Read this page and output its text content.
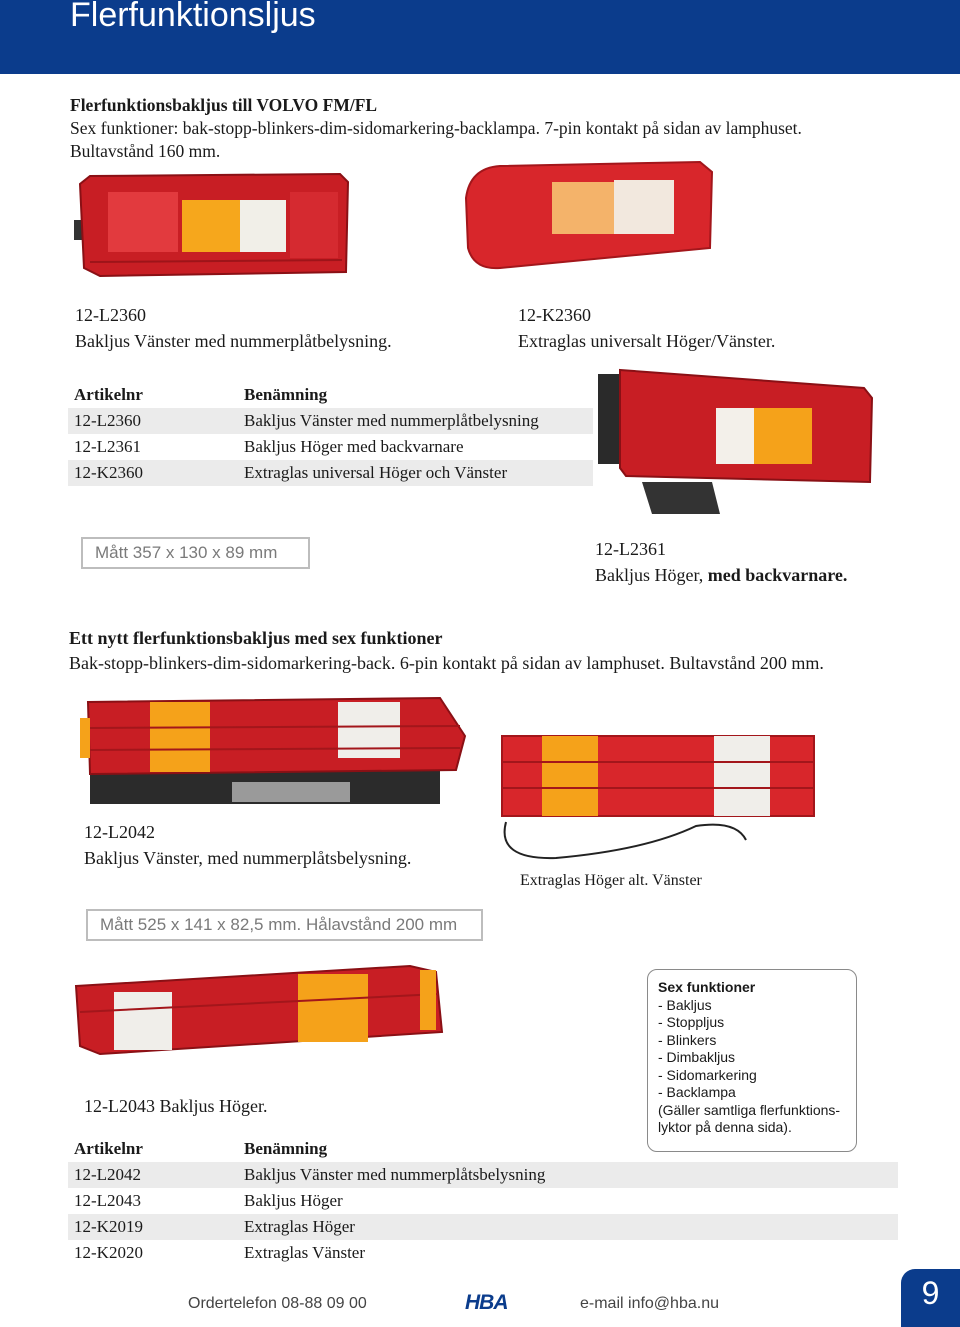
Flerfunktionsljus
Flerfunktionsbakljus till VOLVO FM/FL
Sex funktioner: bak-stopp-blinkers-dim-sidomarkering-backlampa. 7-pin kontakt på sidan av lamphuset.
Bultavstånd 160 mm.
12-L2360
Bakljus Vänster med nummerplåtbelysning.
12-K2360
Extraglas universalt Höger/Vänster.
Artikelnr	Benämning
12-L2360	Bakljus Vänster med nummerplåtbelysning
12-L2361	Bakljus Höger med backvarnare
12-K2360	Extraglas universal Höger och Vänster
Mått 357 x 130 x 89 mm	12-L2361
Bakljus Höger, med backvarnare.
Ett nytt flerfunktionsbakljus med sex funktioner
Bak-stopp-blinkers-dim-sidomarkering-back. 6-pin kontakt på sidan av lamphuset. Bultavstånd 200 mm.
12-L2042
Bakljus Vänster, med nummerplåtsbelysning.
Extraglas Höger alt. Vänster
Mått 525 x 141 x 82,5 mm. Hålavstånd 200 mm
12-L2043 Bakljus Höger.
Sex funktioner
- Bakljus
- Stoppljus
- Blinkers
- Dimbakljus
- Sidomarkering
- Backlampa
(Gäller samtliga flerfunktions-
lyktor på denna sida).
Artikelnr	Benämning
12-L2042	Bakljus Vänster med nummerplåtsbelysning
12-L2043	Bakljus Höger
12-K2019	Extraglas Höger
12-K2020	Extraglas Vänster
Ordertelefon 08-88 09 00	HBA	e-mail info@hba.nu	9
